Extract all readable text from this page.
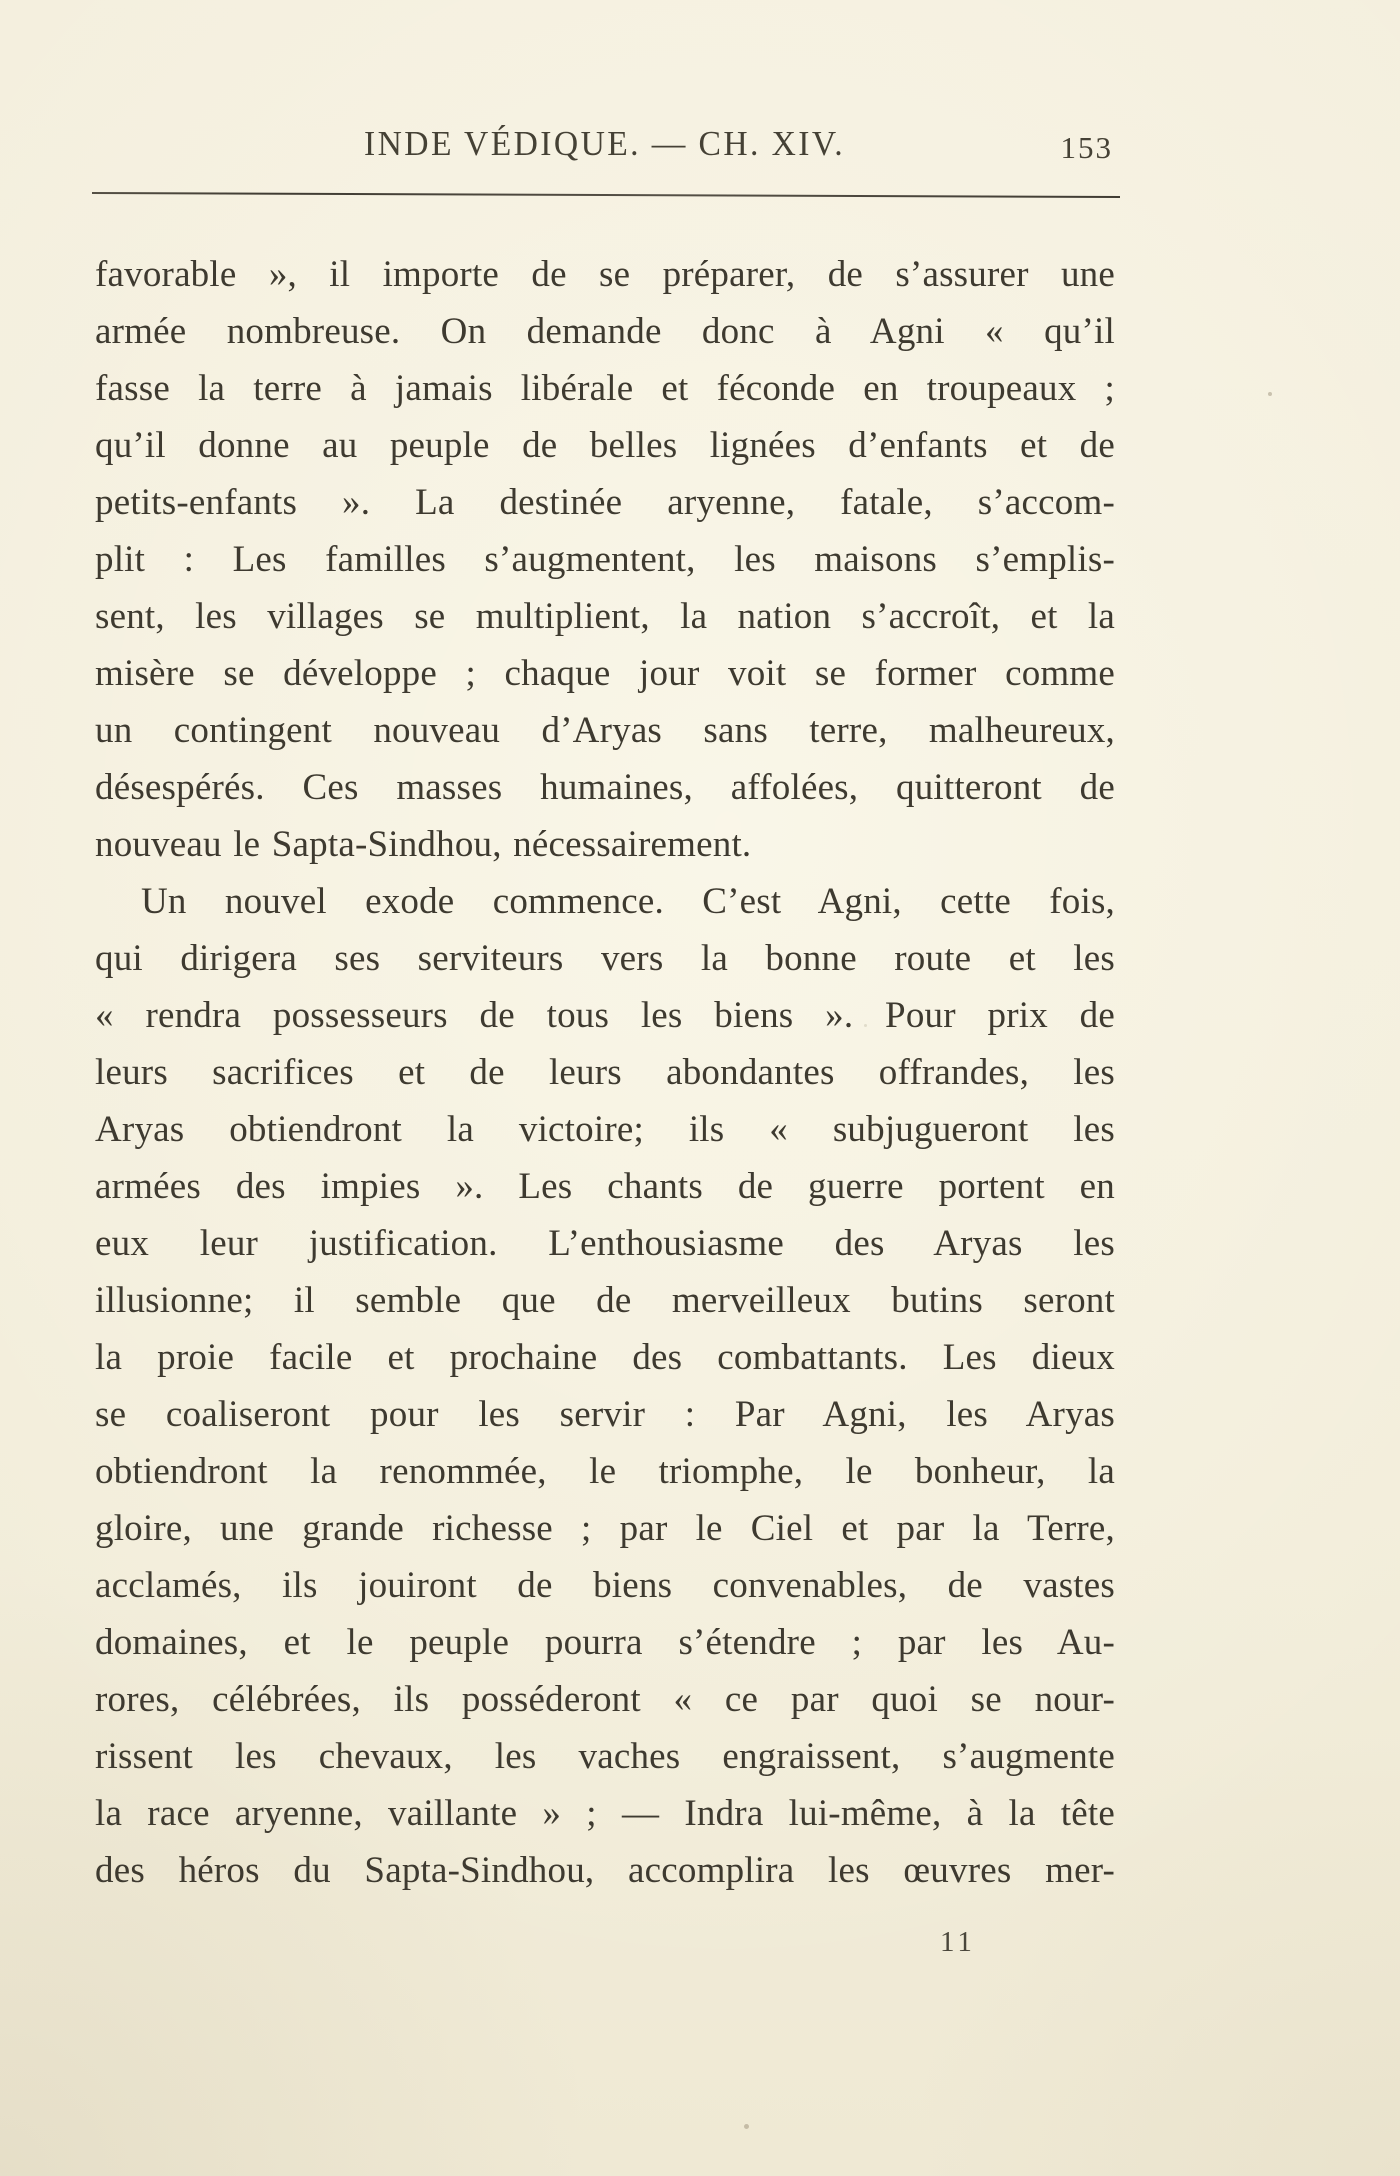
INDE VÉDIQUE. — CH. XIV.	153
favorable », il importe de se préparer, de s’assurer une
armée nombreuse. On demande donc à Agni « qu’il
fasse la terre à jamais libérale et féconde en troupeaux ;
qu’il donne au peuple de belles lignées d’enfants et de
petits-enfants ». La destinée aryenne, fatale, s’accom-
plit : Les familles s’augmentent, les maisons s’emplis-
sent, les villages se multiplient, la nation s’accroît, et la
misère se développe ; chaque jour voit se former comme
un contingent nouveau d’Aryas sans terre, malheureux,
désespérés. Ces masses humaines, affolées, quitteront de
nouveau le Sapta-Sindhou, nécessairement.
Un nouvel exode commence. C’est Agni, cette fois,
qui dirigera ses serviteurs vers la bonne route et les
« rendra possesseurs de tous les biens ». Pour prix de
leurs sacrifices et de leurs abondantes offrandes, les
Aryas obtiendront la victoire; ils « subjugueront les
armées des impies ». Les chants de guerre portent en
eux leur justification. L’enthousiasme des Aryas les
illusionne; il semble que de merveilleux butins seront
la proie facile et prochaine des combattants. Les dieux
se coaliseront pour les servir : Par Agni, les Aryas
obtiendront la renommée, le triomphe, le bonheur, la
gloire, une grande richesse ; par le Ciel et par la Terre,
acclamés, ils jouiront de biens convenables, de vastes
domaines, et le peuple pourra s’étendre ; par les Au-
rores, célébrées, ils posséderont « ce par quoi se nour-
rissent les chevaux, les vaches engraissent, s’augmente
la race aryenne, vaillante » ; — Indra lui-même, à la tête
des héros du Sapta-Sindhou, accomplira les œuvres mer-
11
